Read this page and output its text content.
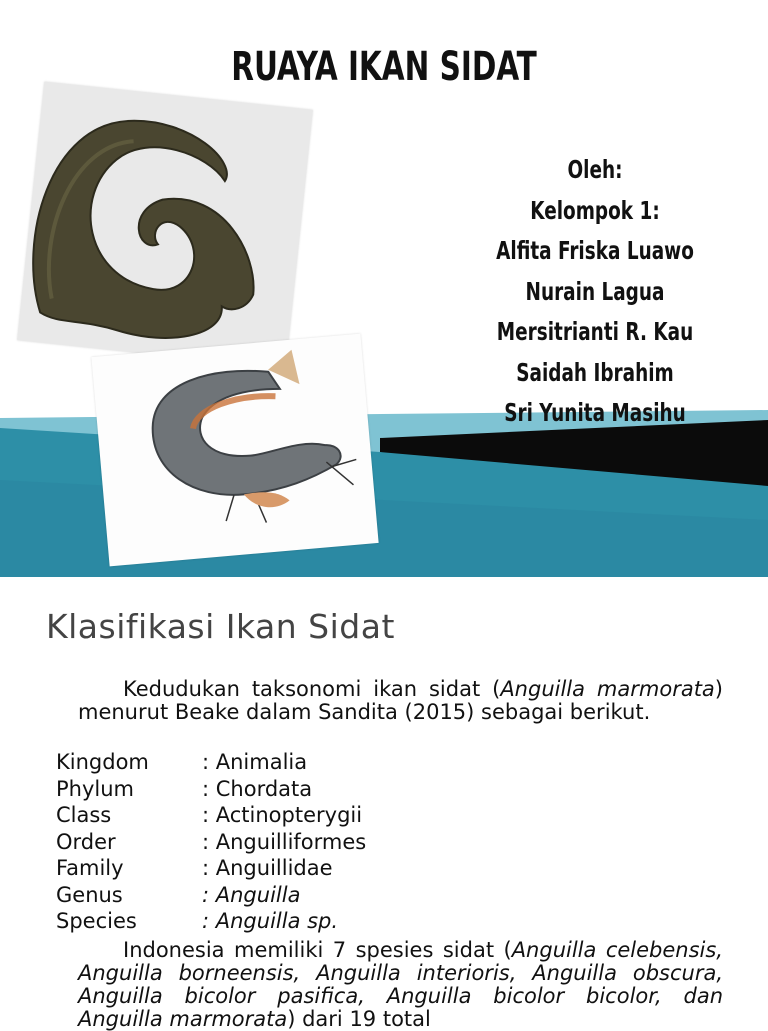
RUAYA IKAN SIDAT
Oleh:
Kelompok 1:
Alfita Friska Luawo
Nurain Lagua
Mersitrianti R. Kau
Saidah Ibrahim
Sri Yunita Masihu
Klasifikasi Ikan Sidat
Kedudukan taksonomi ikan sidat (Anguilla marmorata) menurut Beake dalam Sandita (2015) sebagai berikut.
Kingdom	: Animalia
Phylum	: Chordata
Class	: Actinopterygii
Order	: Anguilliformes
Family	: Anguillidae
Genus	: Anguilla
Species	: Anguilla sp.
Indonesia memiliki 7 spesies sidat (Anguilla celebensis, Anguilla borneensis, Anguilla interioris, Anguilla obscura, Anguilla bicolor pasifica, Anguilla bicolor bicolor, dan Anguilla marmorata) dari 19 total
